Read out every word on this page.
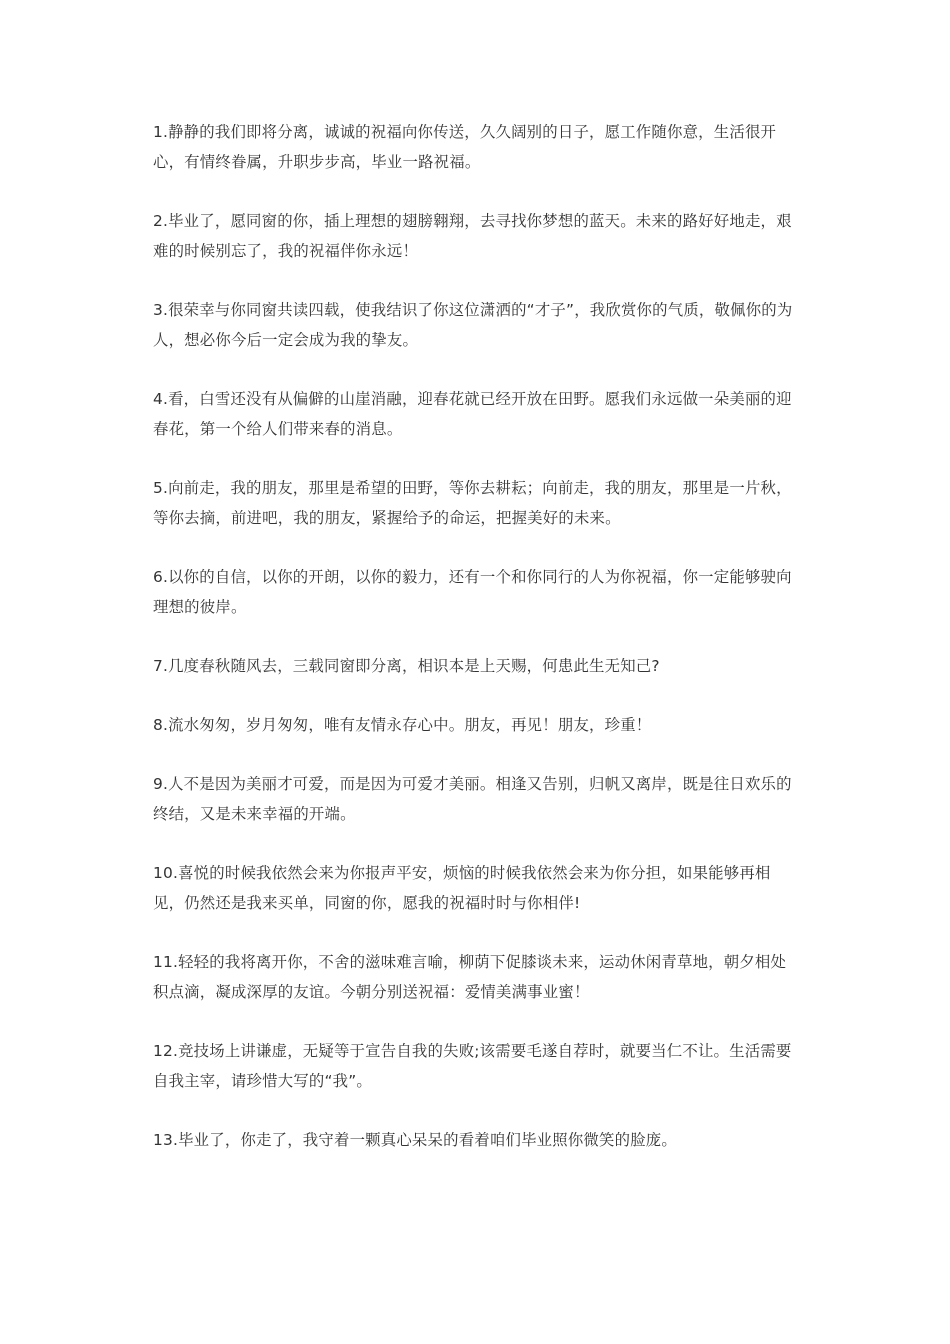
1.静静的我们即将分离，诚诚的祝福向你传送，久久阔别的日子，愿工作随你意，生活很开心，有情终眷属，升职步步高，毕业一路祝福。

2.毕业了，愿同窗的你，插上理想的翅膀翱翔，去寻找你梦想的蓝天。未来的路好好地走，艰难的时候别忘了，我的祝福伴你永远！

3.很荣幸与你同窗共读四载，使我结识了你这位潇洒的“才子”，我欣赏你的气质，敬佩你的为人，想必你今后一定会成为我的挚友。

4.看，白雪还没有从偏僻的山崖消融，迎春花就已经开放在田野。愿我们永远做一朵美丽的迎春花，第一个给人们带来春的消息。

5.向前走，我的朋友，那里是希望的田野，等你去耕耘；向前走，我的朋友，那里是一片秋，等你去摘，前进吧，我的朋友，紧握给予的命运，把握美好的未来。

6.以你的自信，以你的开朗，以你的毅力，还有一个和你同行的人为你祝福，你一定能够驶向理想的彼岸。

7.几度春秋随风去，三载同窗即分离，相识本是上天赐，何患此生无知己?

8.流水匆匆，岁月匆匆，唯有友情永存心中。朋友，再见！朋友，珍重！

9.人不是因为美丽才可爱，而是因为可爱才美丽。相逢又告别，归帆又离岸，既是往日欢乐的终结，又是未来幸福的开端。

10.喜悦的时候我依然会来为你报声平安，烦恼的时候我依然会来为你分担，如果能够再相见，仍然还是我来买单，同窗的你，愿我的祝福时时与你相伴!

11.轻轻的我将离开你，不舍的滋味难言喻，柳荫下促膝谈未来，运动休闲青草地，朝夕相处积点滴，凝成深厚的友谊。今朝分别送祝福：爱情美满事业蜜！

12.竞技场上讲谦虚，无疑等于宣告自我的失败;该需要毛遂自荐时，就要当仁不让。生活需要自我主宰，请珍惜大写的“我”。

13.毕业了，你走了，我守着一颗真心呆呆的看着咱们毕业照你微笑的脸庞。
